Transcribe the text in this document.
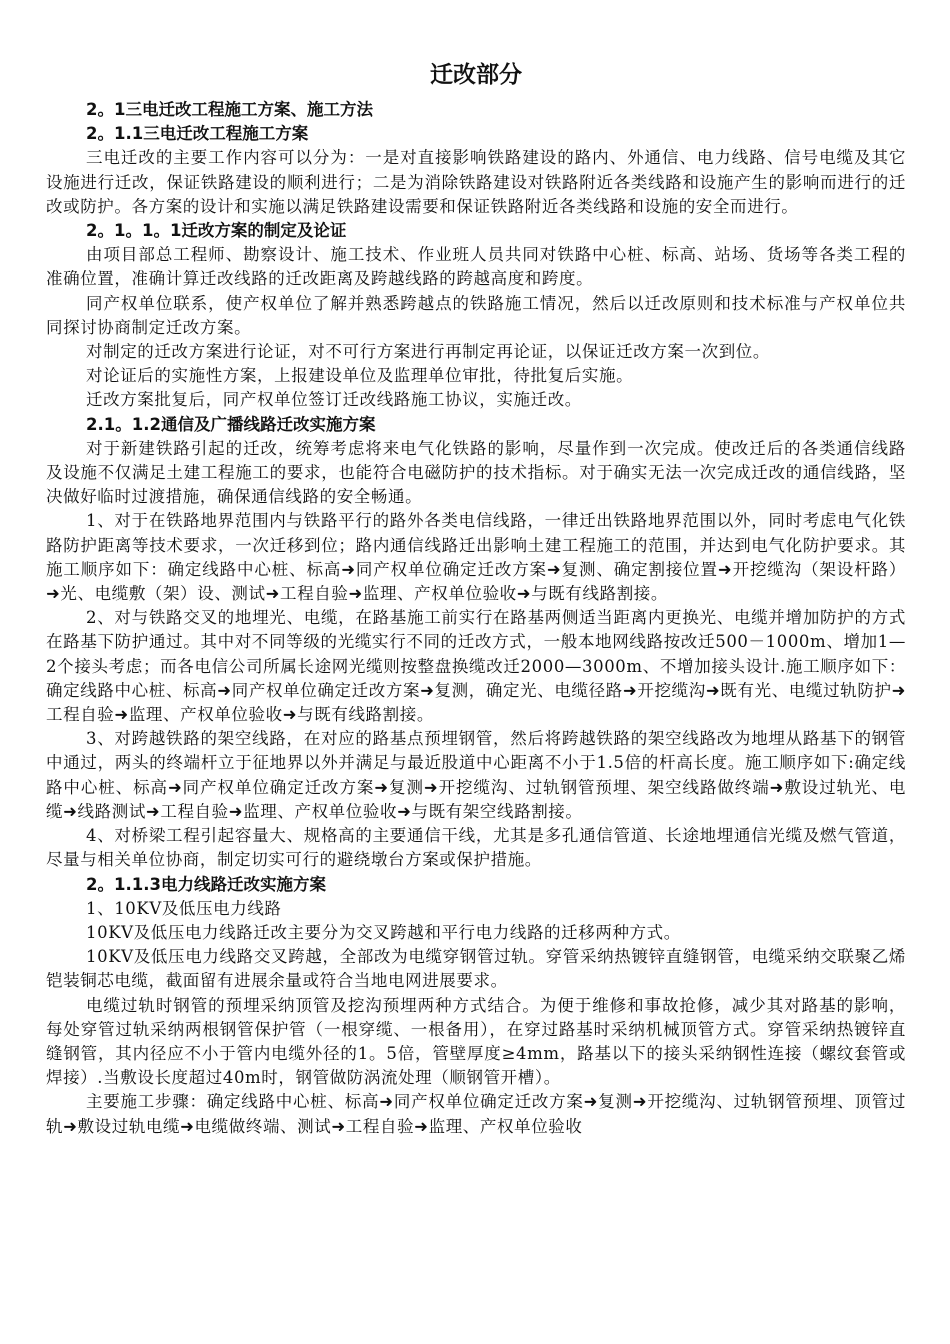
迁改部分

2。1三电迁改工程施工方案、施工方法

2。1.1三电迁改工程施工方案

三电迁改的主要工作内容可以分为：一是对直接影响铁路建设的路内、外通信、电力线路、信号电缆及其它设施进行迁改，保证铁路建设的顺利进行；二是为消除铁路建设对铁路附近各类线路和设施产生的影响而进行的迁改或防护。各方案的设计和实施以满足铁路建设需要和保证铁路附近各类线路和设施的安全而进行。

2。1。1。1迁改方案的制定及论证

由项目部总工程师、勘察设计、施工技术、作业班人员共同对铁路中心桩、标高、站场、货场等各类工程的准确位置，准确计算迁改线路的迁改距离及跨越线路的跨越高度和跨度。

同产权单位联系，使产权单位了解并熟悉跨越点的铁路施工情况，然后以迁改原则和技术标准与产权单位共同探讨协商制定迁改方案。

对制定的迁改方案进行论证，对不可行方案进行再制定再论证，以保证迁改方案一次到位。

对论证后的实施性方案，上报建设单位及监理单位审批，待批复后实施。

迁改方案批复后，同产权单位签订迁改线路施工协议，实施迁改。

2.1。1.2通信及广播线路迁改实施方案

对于新建铁路引起的迁改，统筹考虑将来电气化铁路的影响，尽量作到一次完成。使改迁后的各类通信线路及设施不仅满足土建工程施工的要求，也能符合电磁防护的技术指标。对于确实无法一次完成迁改的通信线路，坚决做好临时过渡措施，确保通信线路的安全畅通。

1、对于在铁路地界范围内与铁路平行的路外各类电信线路，一律迁出铁路地界范围以外，同时考虑电气化铁路防护距离等技术要求，一次迁移到位；路内通信线路迁出影响土建工程施工的范围，并达到电气化防护要求。其施工顺序如下：确定线路中心桩、标高➜同产权单位确定迁改方案➜复测、确定割接位置➜开挖缆沟（架设杆路）➜光、电缆敷（架）设、测试➜工程自验➜监理、产权单位验收➜与既有线路割接。

2、对与铁路交叉的地埋光、电缆，在路基施工前实行在路基两侧适当距离内更换光、电缆并增加防护的方式在路基下防护通过。其中对不同等级的光缆实行不同的迁改方式，一般本地网线路按改迁500－1000m、增加1—2个接头考虑；而各电信公司所属长途网光缆则按整盘换缆改迁2000—3000m、不增加接头设计.施工顺序如下：确定线路中心桩、标高➜同产权单位确定迁改方案➜复测，确定光、电缆径路➜开挖缆沟➜既有光、电缆过轨防护➜工程自验➜监理、产权单位验收➜与既有线路割接。

3、对跨越铁路的架空线路，在对应的路基点预埋钢管，然后将跨越铁路的架空线路改为地埋从路基下的钢管中通过，两头的终端杆立于征地界以外并满足与最近股道中心距离不小于1.5倍的杆高长度。施工顺序如下:确定线路中心桩、标高➜同产权单位确定迁改方案➜复测➜开挖缆沟、过轨钢管预埋、架空线路做终端➜敷设过轨光、电缆➜线路测试➜工程自验➜监理、产权单位验收➜与既有架空线路割接。

4、对桥梁工程引起容量大、规格高的主要通信干线，尤其是多孔通信管道、长途地埋通信光缆及燃气管道，尽量与相关单位协商，制定切实可行的避绕墩台方案或保护措施。

2。1.1.3电力线路迁改实施方案

1、10KV及低压电力线路

10KV及低压电力线路迁改主要分为交叉跨越和平行电力线路的迁移两种方式。

10KV及低压电力线路交叉跨越，全部改为电缆穿钢管过轨。穿管采纳热镀锌直缝钢管，电缆采纳交联聚乙烯铠装铜芯电缆，截面留有进展余量或符合当地电网进展要求。

电缆过轨时钢管的预埋采纳顶管及挖沟预埋两种方式结合。为便于维修和事故抢修，减少其对路基的影响，每处穿管过轨采纳两根钢管保护管（一根穿缆、一根备用），在穿过路基时采纳机械顶管方式。穿管采纳热镀锌直缝钢管，其内径应不小于管内电缆外径的1。5倍，管壁厚度≥4mm，路基以下的接头采纳钢性连接（螺纹套管或焊接）.当敷设长度超过40m时，钢管做防涡流处理（顺钢管开槽）。

主要施工步骤：确定线路中心桩、标高➜同产权单位确定迁改方案➜复测➜开挖缆沟、过轨钢管预埋、顶管过轨➜敷设过轨电缆➜电缆做终端、测试➜工程自验➜监理、产权单位验收
